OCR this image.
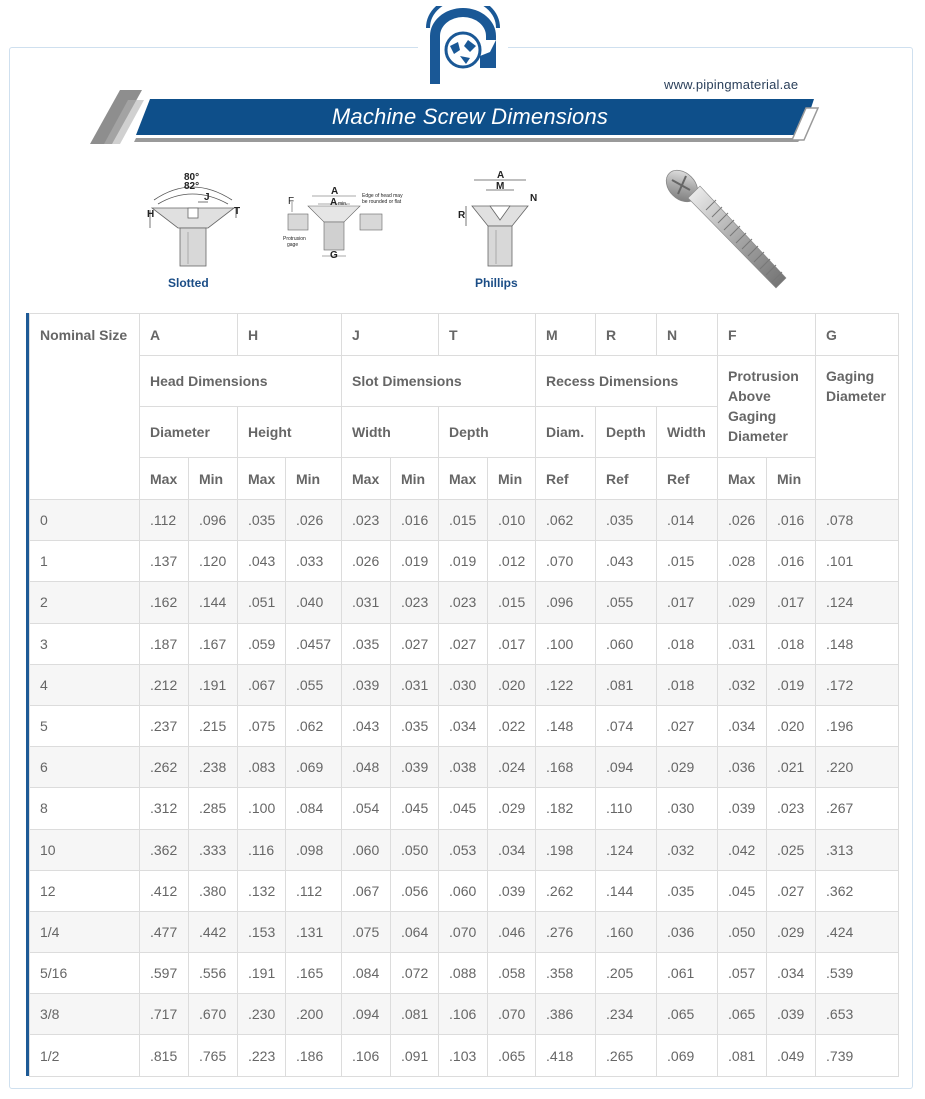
www.pipingmaterial.ae
Machine Screw Dimensions
80°
82°
J
H	T
Slotted
F
A
A min.
Edge of head may
be rounded or flat
Protrusion
gage
G
A
M
N
R
Phillips
Nominal Size	A		H		J		T		M	R	N	F		G
	Head Dimensions				Slot Dimensions				Recess Dimensions			Protrusion Above Gaging Diameter		Gaging Diameter
	Diameter		Height		Width		Depth		Diam.	Depth	Width			
	Max	Min	Max	Min	Max	Min	Max	Min	Ref	Ref	Ref	Max	Min	
0	.112	.096	.035	.026	.023	.016	.015	.010	.062	.035	.014	.026	.016	.078
1	.137	.120	.043	.033	.026	.019	.019	.012	.070	.043	.015	.028	.016	.101
2	.162	.144	.051	.040	.031	.023	.023	.015	.096	.055	.017	.029	.017	.124
3	.187	.167	.059	.0457	.035	.027	.027	.017	.100	.060	.018	.031	.018	.148
4	.212	.191	.067	.055	.039	.031	.030	.020	.122	.081	.018	.032	.019	.172
5	.237	.215	.075	.062	.043	.035	.034	.022	.148	.074	.027	.034	.020	.196
6	.262	.238	.083	.069	.048	.039	.038	.024	.168	.094	.029	.036	.021	.220
8	.312	.285	.100	.084	.054	.045	.045	.029	.182	.110	.030	.039	.023	.267
10	.362	.333	.116	.098	.060	.050	.053	.034	.198	.124	.032	.042	.025	.313
12	.412	.380	.132	.112	.067	.056	.060	.039	.262	.144	.035	.045	.027	.362
1/4	.477	.442	.153	.131	.075	.064	.070	.046	.276	.160	.036	.050	.029	.424
5/16	.597	.556	.191	.165	.084	.072	.088	.058	.358	.205	.061	.057	.034	.539
3/8	.717	.670	.230	.200	.094	.081	.106	.070	.386	.234	.065	.065	.039	.653
1/2	.815	.765	.223	.186	.106	.091	.103	.065	.418	.265	.069	.081	.049	.739
